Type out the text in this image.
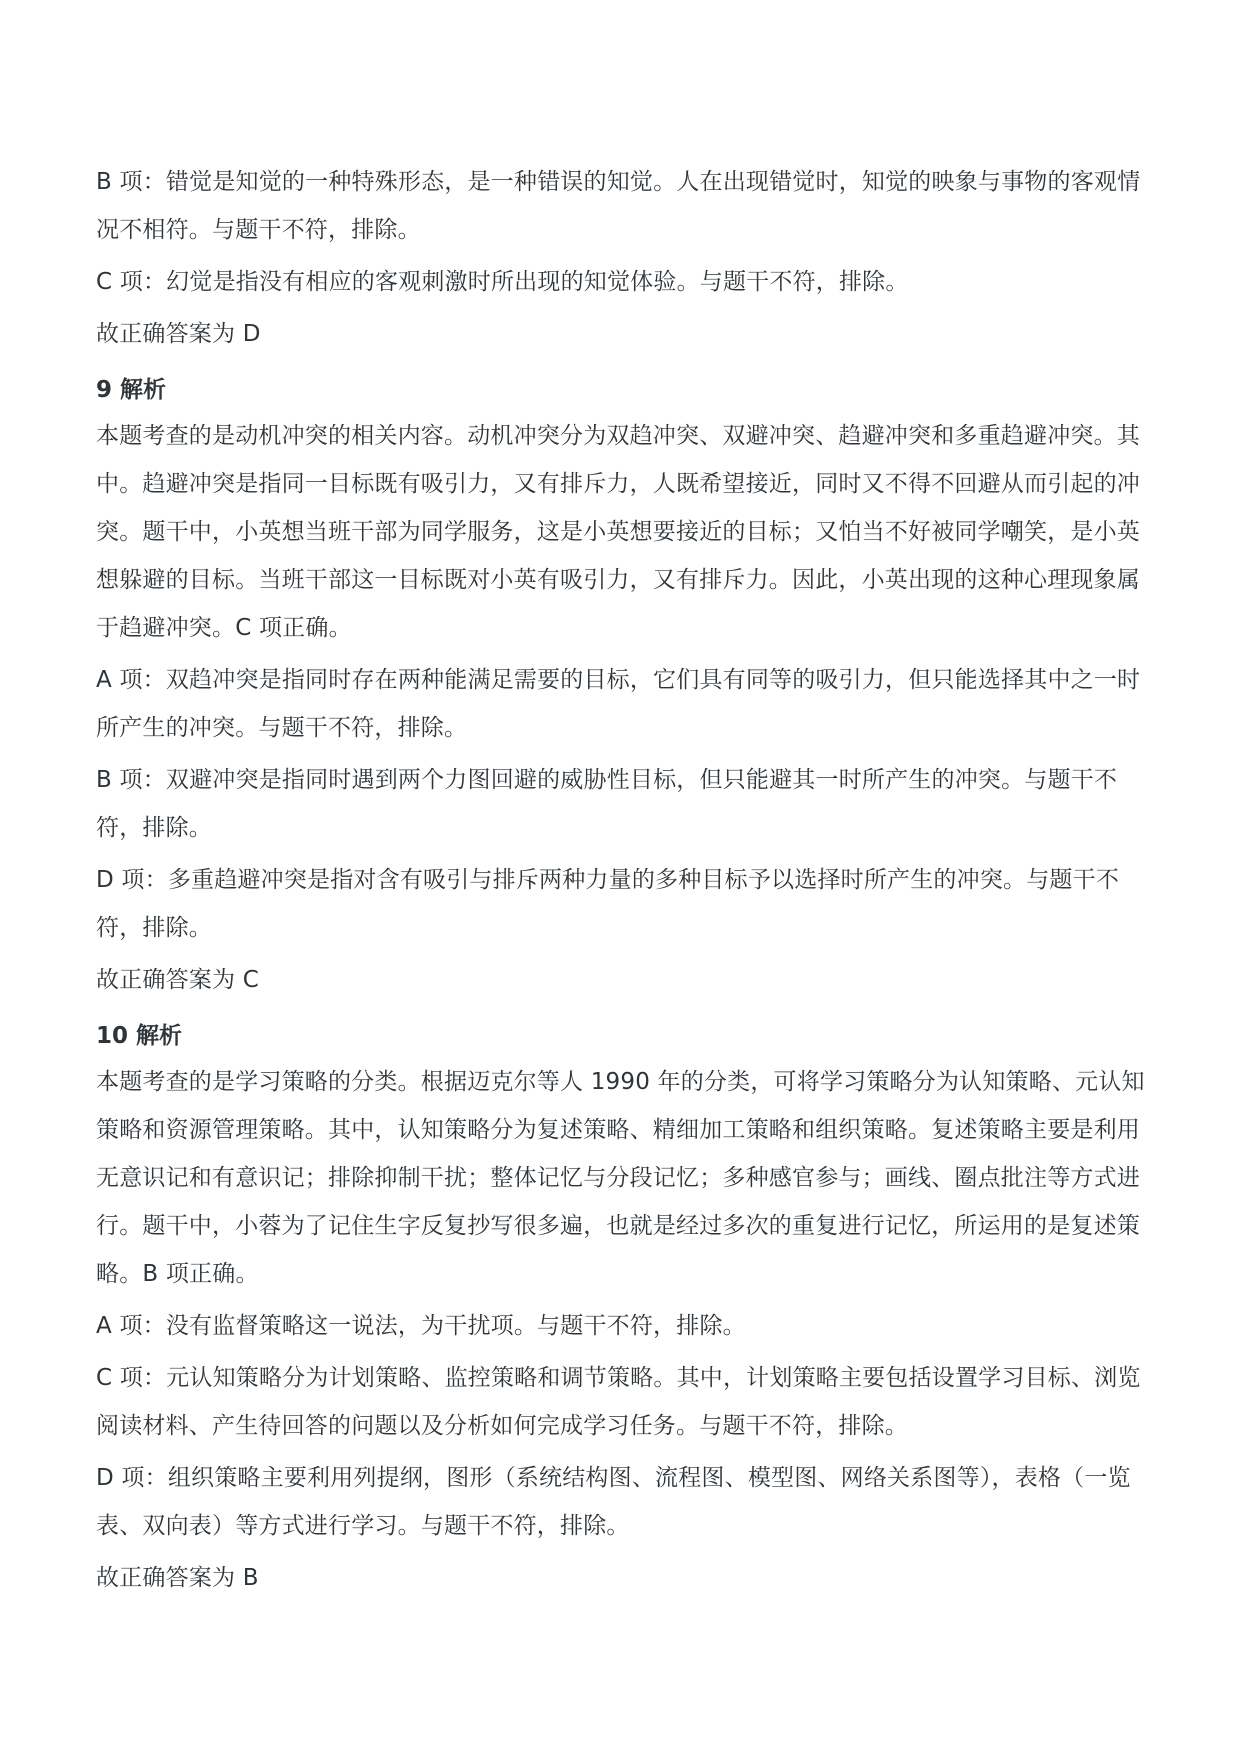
B 项：错觉是知觉的一种特殊形态，是一种错误的知觉。人在出现错觉时，知觉的映象与事物的客观情况不相符。与题干不符，排除。

C 项：幻觉是指没有相应的客观刺激时所出现的知觉体验。与题干不符，排除。

故正确答案为 D

9 解析

本题考查的是动机冲突的相关内容。动机冲突分为双趋冲突、双避冲突、趋避冲突和多重趋避冲突。其中。趋避冲突是指同一目标既有吸引力，又有排斥力，人既希望接近，同时又不得不回避从而引起的冲突。题干中，小英想当班干部为同学服务，这是小英想要接近的目标；又怕当不好被同学嘲笑，是小英想躲避的目标。当班干部这一目标既对小英有吸引力，又有排斥力。因此，小英出现的这种心理现象属于趋避冲突。C 项正确。

A 项：双趋冲突是指同时存在两种能满足需要的目标，它们具有同等的吸引力，但只能选择其中之一时所产生的冲突。与题干不符，排除。

B 项：双避冲突是指同时遇到两个力图回避的威胁性目标，但只能避其一时所产生的冲突。与题干不符，排除。

D 项：多重趋避冲突是指对含有吸引与排斥两种力量的多种目标予以选择时所产生的冲突。与题干不符，排除。

故正确答案为 C

10 解析

本题考查的是学习策略的分类。根据迈克尔等人 1990 年的分类，可将学习策略分为认知策略、元认知策略和资源管理策略。其中，认知策略分为复述策略、精细加工策略和组织策略。复述策略主要是利用无意识记和有意识记；排除抑制干扰；整体记忆与分段记忆；多种感官参与；画线、圈点批注等方式进行。题干中，小蓉为了记住生字反复抄写很多遍，也就是经过多次的重复进行记忆，所运用的是复述策略。B 项正确。

A 项：没有监督策略这一说法，为干扰项。与题干不符，排除。

C 项：元认知策略分为计划策略、监控策略和调节策略。其中，计划策略主要包括设置学习目标、浏览阅读材料、产生待回答的问题以及分析如何完成学习任务。与题干不符，排除。

D 项：组织策略主要利用列提纲，图形（系统结构图、流程图、模型图、网络关系图等），表格（一览表、双向表）等方式进行学习。与题干不符，排除。

故正确答案为 B
